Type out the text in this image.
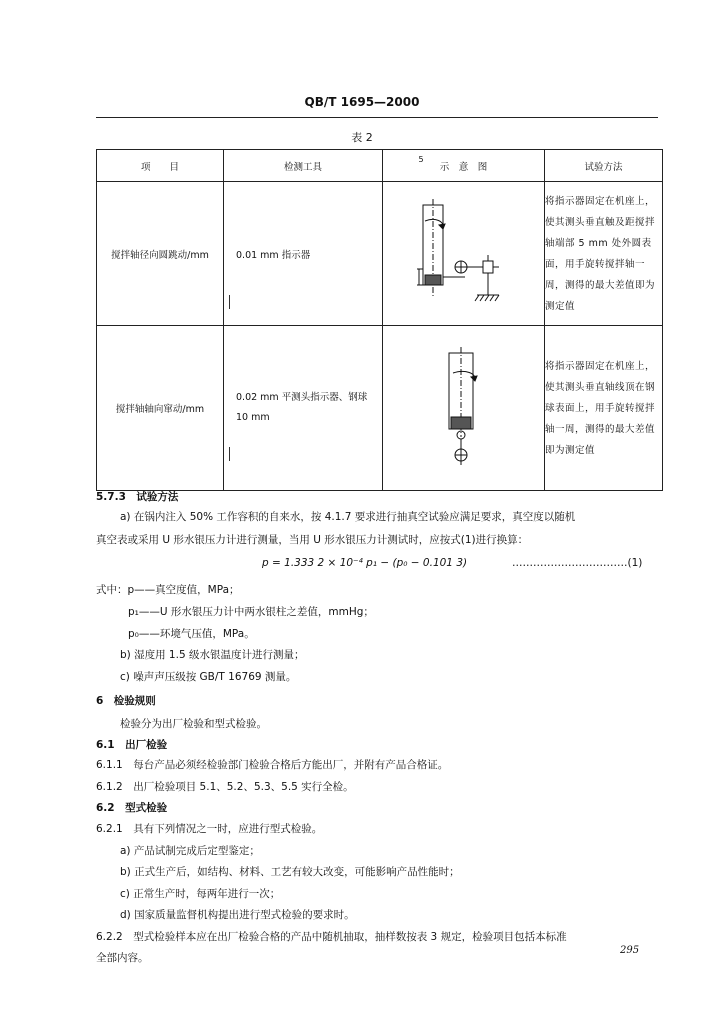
QB/T 1695—2000
表 2
项　　目	检测工具	示　意　图	试验方法
搅拌轴径向圆跳动/mm	0.01 mm 指示器	5	将指示器固定在机座上，使其测头垂直触及距搅拌轴端部 5 mm 处外圆表面，用手旋转搅拌轴一周，测得的最大差值即为测定值
搅拌轴轴向窜动/mm	0.02 mm 平测头指示器、钢球 10 mm		将指示器固定在机座上，使其测头垂直轴线顶在钢球表面上，用手旋转搅拌轴一周，测得的最大差值即为测定值
5.7.3　试验方法
a) 在锅内注入 50% 工作容积的自来水，按 4.1.7 要求进行抽真空试验应满足要求，真空度以随机
真空表或采用 U 形水银压力计进行测量，当用 U 形水银压力计测试时，应按式(1)进行换算：
p = 1.333 2 × 10⁻⁴ p₁ − (p₀ − 0.101 3)	……………………………(1)
式中：p——真空度值，MPa；
p₁——U 形水银压力计中两水银柱之差值，mmHg；
p₀——环境气压值，MPa。
b) 湿度用 1.5 级水银温度计进行测量；
c) 噪声声压级按 GB/T 16769 测量。
6　检验规则
检验分为出厂检验和型式检验。
6.1　出厂检验
6.1.1　每台产品必须经检验部门检验合格后方能出厂，并附有产品合格证。
6.1.2　出厂检验项目 5.1、5.2、5.3、5.5 实行全检。
6.2　型式检验
6.2.1　具有下列情况之一时，应进行型式检验。
a) 产品试制完成后定型鉴定；
b) 正式生产后，如结构、材料、工艺有较大改变，可能影响产品性能时；
c) 正常生产时，每两年进行一次；
d) 国家质量监督机构提出进行型式检验的要求时。
6.2.2　型式检验样本应在出厂检验合格的产品中随机抽取，抽样数按表 3 规定，检验项目包括本标准
全部内容。
295
